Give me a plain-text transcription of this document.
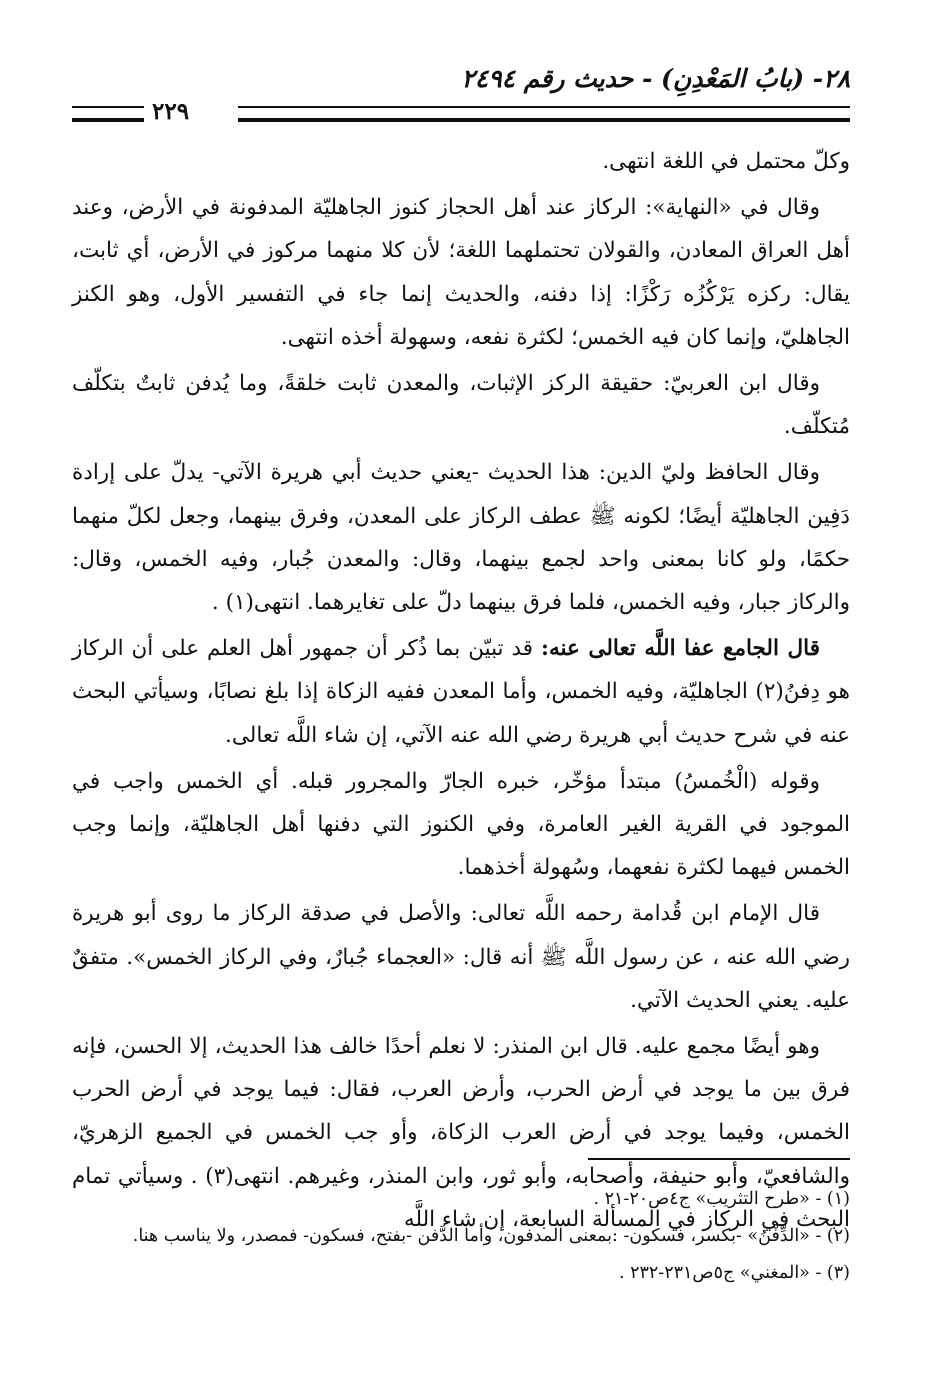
٢٨- (بابُ المَعْدِنِ) - حديث رقم ٢٤٩٤
٢٢٩

وكلّ محتمل في اللغة انتهى.

وقال في «النهاية»: الركاز عند أهل الحجاز كنوز الجاهليّة المدفونة في الأرض، وعند أهل العراق المعادن، والقولان تحتملهما اللغة؛ لأن كلا منهما مركوز في الأرض، أي ثابت، يقال: ركزه يَرْكُزُه رَكْزًا: إذا دفنه، والحديث إنما جاء في التفسير الأول، وهو الكنز الجاهليّ، وإنما كان فيه الخمس؛ لكثرة نفعه، وسهولة أخذه انتهى.

وقال ابن العربيّ: حقيقة الركز الإثبات، والمعدن ثابت خلقةً، وما يُدفن ثابتٌ بتكلّف مُتكلّف.

وقال الحافظ وليّ الدين: هذا الحديث -يعني حديث أبي هريرة الآتي- يدلّ على إرادة دَفِين الجاهليّة أيضًا؛ لكونه ﷺ عطف الركاز على المعدن، وفرق بينهما، وجعل لكلّ منهما حكمًا، ولو كانا بمعنى واحد لجمع بينهما، وقال: والمعدن جُبار، وفيه الخمس، وقال: والركاز جبار، وفيه الخمس، فلما فرق بينهما دلّ على تغايرهما. انتهى(١) .

قال الجامع عفا اللَّه تعالى عنه: قد تبيّن بما ذُكر أن جمهور أهل العلم على أن الركاز هو دِفنُ(٢) الجاهليّة، وفيه الخمس، وأما المعدن ففيه الزكاة إذا بلغ نصابًا، وسيأتي البحث عنه في شرح حديث أبي هريرة رضي الله عنه الآتي، إن شاء اللَّه تعالى.

وقوله (الْخُمسُ) مبتدأ مؤخّر، خبره الجارّ والمجرور قبله. أي الخمس واجب في الموجود في القرية الغير العامرة، وفي الكنوز التي دفنها أهل الجاهليّة، وإنما وجب الخمس فيهما لكثرة نفعهما، وسُهولة أخذهما.

قال الإمام ابن قُدامة رحمه اللَّه تعالى: والأصل في صدقة الركاز ما روى أبو هريرة رضي الله عنه ، عن رسول اللَّه ﷺ أنه قال: «العجماء جُبارٌ، وفي الركاز الخمس». متفقٌ عليه. يعني الحديث الآتي.

وهو أيضًا مجمع عليه. قال ابن المنذر: لا نعلم أحدًا خالف هذا الحديث، إلا الحسن، فإنه فرق بين ما يوجد في أرض الحرب، وأرض العرب، فقال: فيما يوجد في أرض الحرب الخمس، وفيما يوجد في أرض العرب الزكاة، وأو جب الخمس في الجميع الزهريّ، والشافعيّ، وأبو حنيفة، وأصحابه، وأبو ثور، وابن المنذر، وغيرهم. انتهى(٣) . وسيأتي تمام البحث في الركاز في المسألة السابعة، إن شاء اللَّه

(١) - «طرح التثريب» ج٤ص٢٠-٢١ .

(٢) - «الدِّفْنُ» -بكسر، فسكون- :بمعنى المدفون، وأما الدَّفن -بفتح، فسكون- فمصدر، ولا يناسب هنا.

(٣) - «المغني» ج٥ص٢٣١-٢٣٢ .
